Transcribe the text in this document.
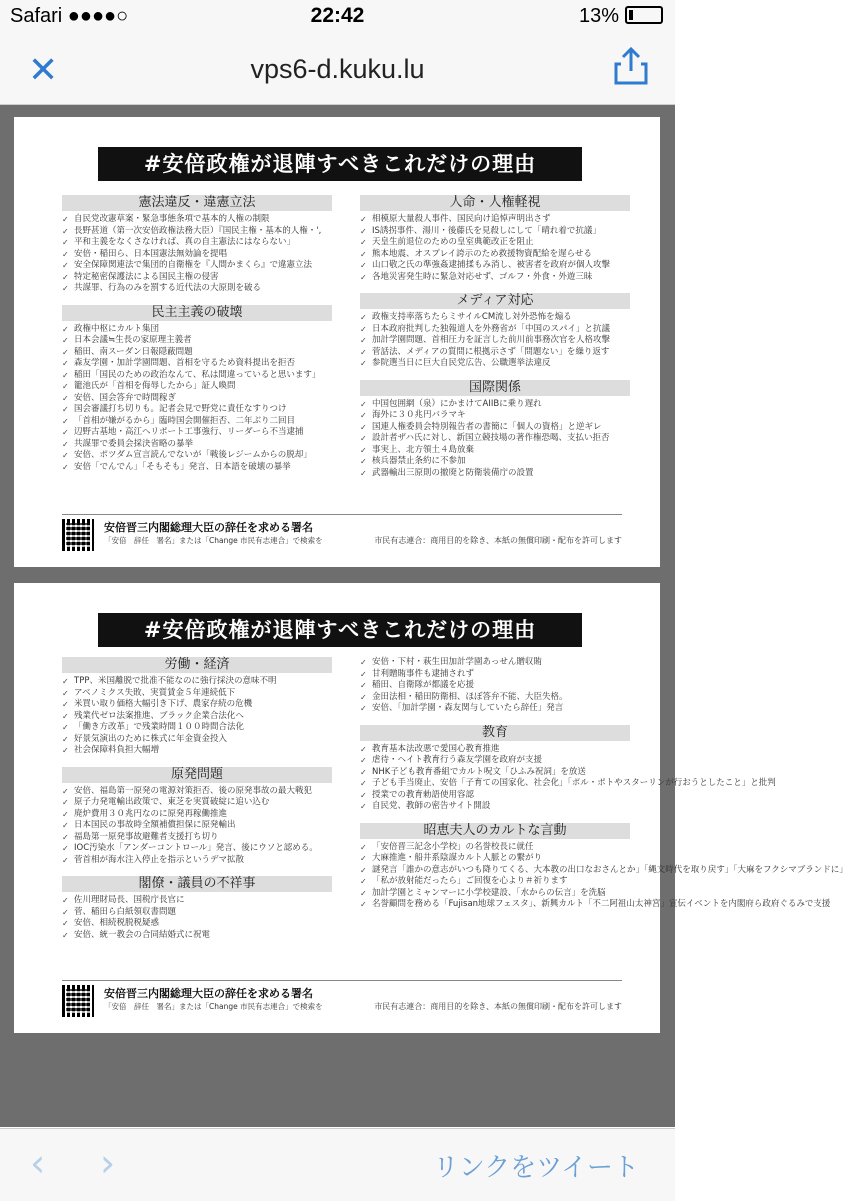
Safari ●●●●○	22:42	13%
✕	vps6-d.kuku.lu
#安倍政権が退陣すべきこれだけの理由
憲法違反・違憲立法
✓ 自民党改憲草案・緊急事態条項で基本的人権の制限
✓ 長野甚道（第一次安倍政権法務大臣）『国民主権・基本的人権・',
✓ 平和主義をなくさなければ、真の自主憲法にはならない」
✓ 安倍・稲田ら、日本国憲法無効論を提唱
✓ 安全保障関連法で集団的自衛権を『人間かまくら』で違憲立法
✓ 特定秘密保護法による国民主権の侵害
✓ 共謀罪、行為のみを罰する近代法の大原則を破る
民主主義の破壊
✓ 政権中枢にカルト集団
✓ 日本会議≒生長の家原理主義者
✓ 稲田、南スーダン日報隠蔽問題
✓ 森友学園・加計学園問題、首相を守るため資料提出を拒否
✓ 稲田「国民のための政治なんて、私は間違っていると思います」
✓ 籠池氏が「首相を侮辱したから」証人喚問
✓ 安倍、国会答弁で時間稼ぎ
✓ 国会審議打ち切りも。記者会見で野党に責任なすりつけ
✓ 「首相が嫌がるから」臨時国会開催拒否、二年ぶり二回目
✓ 辺野古基地・高江ヘリポート工事強行、リーダーら不当逮捕
✓ 共謀罪で委員会採決省略の暴挙
✓ 安倍、ポツダム宣言読んでないが「戦後レジームからの脱却」
✓ 安倍「でんでん」「そもそも」発言、日本語を破壊の暴挙
人命・人権軽視
✓ 相模原大量殺人事件、国民向け追悼声明出さず
✓ IS誘拐事件、湯川・後藤氏を見殺しにして「晴れ着で抗議」
✓ 天皇生前退位のための皇室典範改正を阻止
✓ 熊本地震、オスプレイ誇示のため救援物資配給を遅らせる
✓ 山口敬之氏の準強姦逮捕揉もみ消し、被害者を政府が個人攻撃
✓ 各地災害発生時に緊急対応せず、ゴルフ・外食・外遊三昧
メディア対応
✓ 政権支持率落ちたらミサイルCM流し対外恐怖を煽る
✓ 日本政府批判した独報道人を外務省が「中国のスパイ」と抗議
✓ 加計学園問題、首相圧力を証言した前川前事務次官を人格攻撃
✓ 菅話法、メディアの質問に根拠示さず「問題ない」を繰り返す
✓ 参院選当日に巨大自民党広告、公職選挙法違反
国際関係
✓ 中国包囲網（泉）にかまけてAIIBに乗り遅れ
✓ 海外に３０兆円バラマキ
✓ 国連人権委員会特別報告者の書簡に「個人の資格」と逆ギレ
✓ 設計者ザハ氏に対し、新国立競技場の著作権恐喝、支払い拒否
✓ 事実上、北方領土４島放棄
✓ 核兵器禁止条約に不参加
✓ 武器輸出三原則の撤廃と防衛装備庁の設置
安倍晋三内閣総理大臣の辞任を求める署名
「安倍　辞任　署名」または「Change 市民有志連合」で検索を	市民有志連合：商用目的を除き、本紙の無償印刷・配布を許可します
#安倍政権が退陣すべきこれだけの理由
労働・経済
✓ TPP、米国離脱で批准不能なのに強行採決の意味不明
✓ アベノミクス失敗、実質賃金５年連続低下
✓ 米買い取り価格大幅引き下げ、農家存続の危機
✓ 残業代ゼロ法案推進、ブラック企業合法化へ
✓ 「働き方改革」で残業時間１００時間合法化
✓ 好景気演出のために株式に年金資金投入
✓ 社会保障料負担大幅増
原発問題
✓ 安倍、福島第一原発の電源対策拒否、後の原発事故の最大戦犯
✓ 原子力発電輸出政策で、東芝を実質破綻に追い込む
✓ 廃炉費用３０兆円なのに原発再稼働推進
✓ 日本国民の事故時全額補償担保に原発輸出
✓ 福島第一原発事故避難者支援打ち切り
✓ IOC汚染水「アンダーコントロール」発言、後にウソと認める。
✓ 菅首相が海水注入停止を指示というデマ拡散
閣僚・議員の不祥事
✓ 佐川理財局長、国税庁長官に
✓ 菅、稲田ら白紙領収書問題
✓ 安倍、相続税脱税疑惑
✓ 安倍、統一教会の合同結婚式に祝電
✓ 安倍・下村・萩生田加計学園あっせん贈収賄
✓ 甘利贈賄事件も逮捕されず
✓ 稲田、自衛隊が都議を応援
✓ 金田法相・稲田防衛相、ほぼ答弁不能、大臣失格。
✓ 安倍、「加計学園・森友関与していたら辞任」発言
教育
✓ 教育基本法改悪で愛国心教育推進
✓ 虐待・ヘイト教育行う森友学園を政府が支援
✓ NHK子ども教育番組でカルト呪文「ひふみ祝詞」を放送
✓ 子ども手当廃止、安倍「子育ての国家化、社会化」「ポル・ポトやスターリンが行おうとしたこと」と批判
✓ 授業での教育勅語使用容認
✓ 自民党、教師の密告サイト開設
昭恵夫人のカルトな言動
✓ 「安倍晋三記念小学校」の名誉校長に就任
✓ 大麻推進・船井系陰謀カルト人脈との繋がり
✓ 謎発言「誰かの意志がいつも降りてくる、大本教の出口なおさんとか」「縄文時代を取り戻す」「大麻をフクシマブランドに」
✓ 「私が放射能だったら」ご回復を心より＃祈ります
✓ 加計学園とミャンマーに小学校建設、「水からの伝言」を洗脳
✓ 名誉顧問を務める「Fujisan地球フェスタ」、新興カルト「不二阿祖山太神宮」宣伝イベントを内閣府ら政府ぐるみで支援
安倍晋三内閣総理大臣の辞任を求める署名
「安倍　辞任　署名」または「Change 市民有志連合」で検索を	市民有志連合：商用目的を除き、本紙の無償印刷・配布を許可します
‹ ›	リンクをツイート
